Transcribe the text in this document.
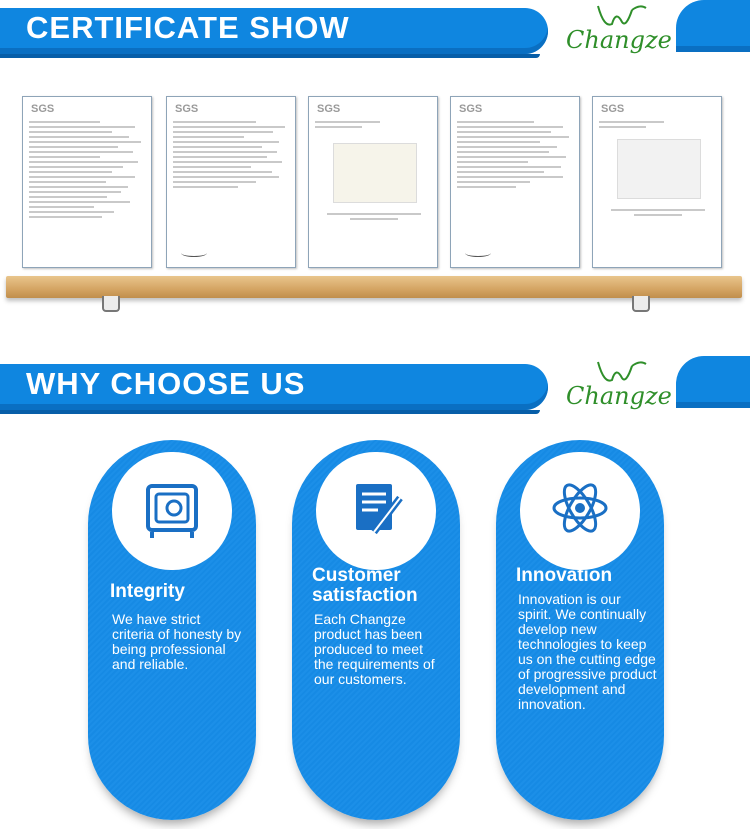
CERTIFICATE SHOW	Changze
SGS	SGS	SGS	SGS	SGS
WHY CHOOSE US	Changze
Integrity
We have strict criteria of honesty by being professional and reliable.
Customer
satisfaction
Each Changze product has been produced to meet the requirements of our customers.
Innovation
Innovation is our spirit. We continually develop new technologies to keep us on the cutting edge of progressive product development and innovation.
